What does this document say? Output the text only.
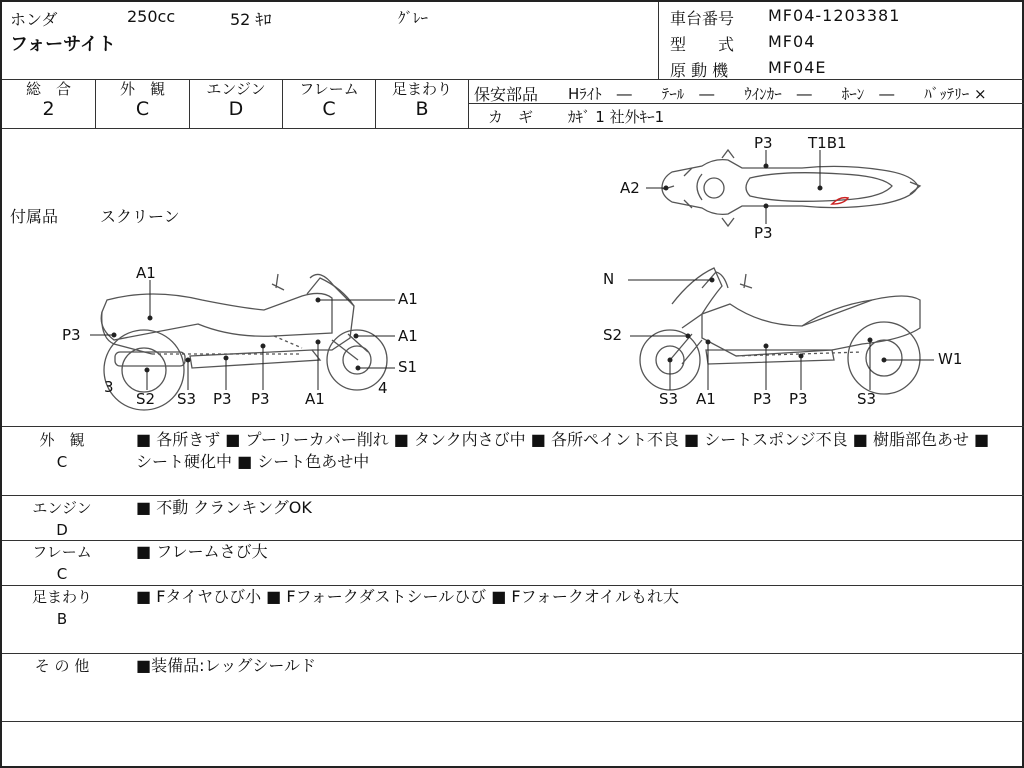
ホンダ	250cc	52 ｷﾛ	ｸﾞﾚｰ
フォーサイト
車台番号 MF04-1203381
型　　式 MF04
原 動 機 MF04E
総　合
2
外　観
C
エンジン
D
フレーム
C
足まわり
B
保安部品 Hﾗｲﾄ　―　　ﾃｰﾙ　―　　ｳｲﾝｶｰ　―　　ﾎｰﾝ　―　　ﾊﾞｯﾃﾘｰ ×
カ　ギ ｶｷﾞ 1 社外ｷｰ1
付属品	スクリーン
A1
P3
A1
A1
S1
3
S2 S3 P3 P3 A1
4
N
S2
W1
S3 A1 P3 P3	S3
P3 T1B1
A2
P3
外　観
C
■ 各所きず ■ プーリーカバー削れ ■ タンク内さび中 ■ 各所ペイント不良 ■ シートスポンジ不良 ■ 樹脂部色あせ ■ シート硬化中 ■ シート色あせ中
エンジン
D
■ 不動 クランキングOK
フレーム
C
■ フレームさび大
足まわり
B
■ Fタイヤひび小 ■ Fフォークダストシールひび ■ Fフォークオイルもれ大
そ の 他	■装備品:レッグシールド
